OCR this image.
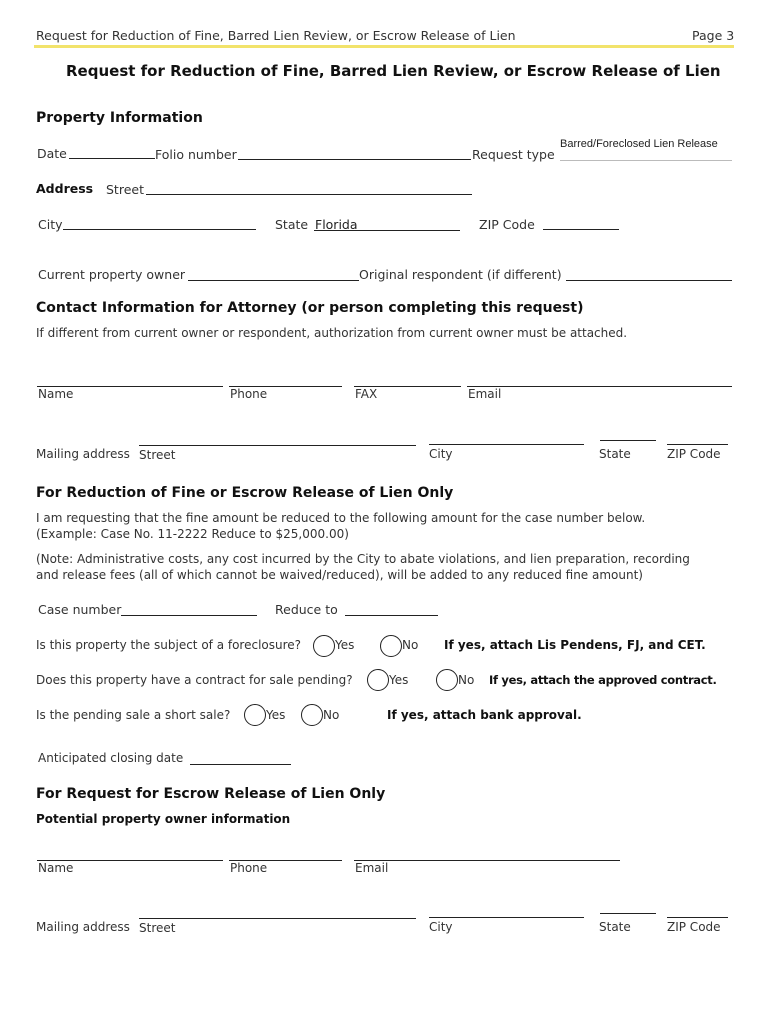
Request for Reduction of Fine, Barred Lien Review, or Escrow Release of Lien	Page 3
Request for Reduction of Fine, Barred Lien Review, or Escrow Release of Lien
Property Information
Date	Folio number	Request type
Barred/Foreclosed Lien Release
Address Street
City	State Florida	ZIP Code
Current property owner	Original respondent (if different)
Contact Information for Attorney (or person completing this request)
If different from current owner or respondent, authorization from current owner must be attached.
Name	Phone	FAX	Email
Mailing address Street	City	State	ZIP Code
For Reduction of Fine or Escrow Release of Lien Only
I am requesting that the fine amount be reduced to the following amount for the case number below.
(Example: Case No. 11-2222 Reduce to $25,000.00)
(Note: Administrative costs, any cost incurred by the City to abate violations, and lien preparation, recording
and release fees (all of which cannot be waived/reduced), will be added to any reduced fine amount)
Case number	Reduce to
Is this property the subject of a foreclosure?	Yes	No If yes, attach Lis Pendens, FJ, and CET.
Does this property have a contract for sale pending?	Yes	No If yes, attach the approved contract.
Is the pending sale a short sale?	Yes	No	If yes, attach bank approval.
Anticipated closing date
For Request for Escrow Release of Lien Only
Potential property owner information
Name	Phone	Email
Mailing address Street	City	State	ZIP Code
